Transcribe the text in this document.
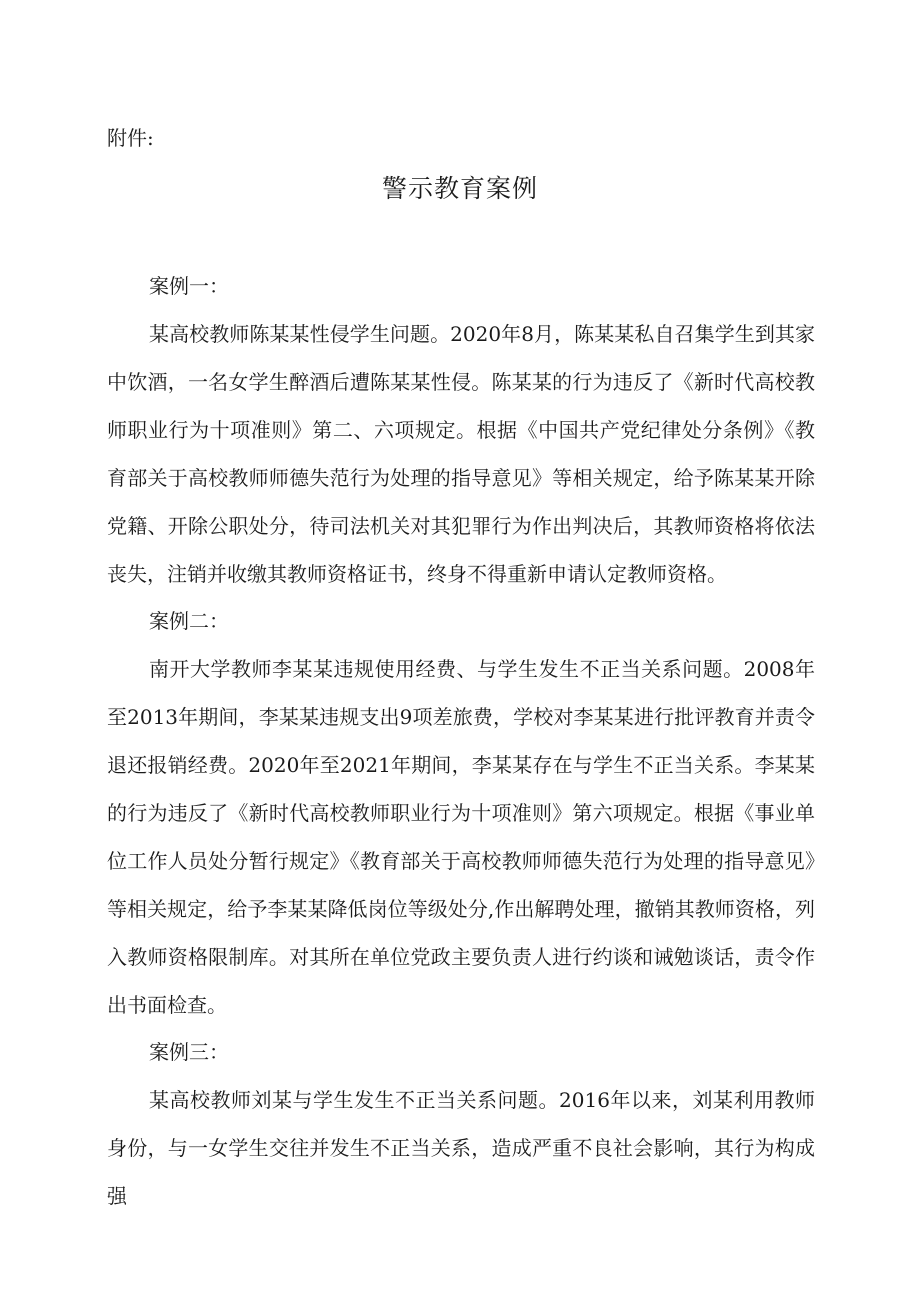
附件:

警示教育案例

案例一：

某高校教师陈某某性侵学生问题。2020年8月，陈某某私自召集学生到其家中饮酒，一名女学生醉酒后遭陈某某性侵。陈某某的行为违反了《新时代高校教师职业行为十项准则》第二、六项规定。根据《中国共产党纪律处分条例》《教育部关于高校教师师德失范行为处理的指导意见》等相关规定，给予陈某某开除党籍、开除公职处分，待司法机关对其犯罪行为作出判决后，其教师资格将依法丧失，注销并收缴其教师资格证书，终身不得重新申请认定教师资格。

案例二：

南开大学教师李某某违规使用经费、与学生发生不正当关系问题。2008年至2013年期间，李某某违规支出9项差旅费，学校对李某某进行批评教育并责令退还报销经费。2020年至2021年期间，李某某存在与学生不正当关系。李某某的行为违反了《新时代高校教师职业行为十项准则》第六项规定。根据《事业单位工作人员处分暂行规定》《教育部关于高校教师师德失范行为处理的指导意见》等相关规定，给予李某某降低岗位等级处分,作出解聘处理，撤销其教师资格，列入教师资格限制库。对其所在单位党政主要负责人进行约谈和诫勉谈话，责令作出书面检查。

案例三：

某高校教师刘某与学生发生不正当关系问题。2016年以来，刘某利用教师身份，与一女学生交往并发生不正当关系，造成严重不良社会影响，其行为构成强
